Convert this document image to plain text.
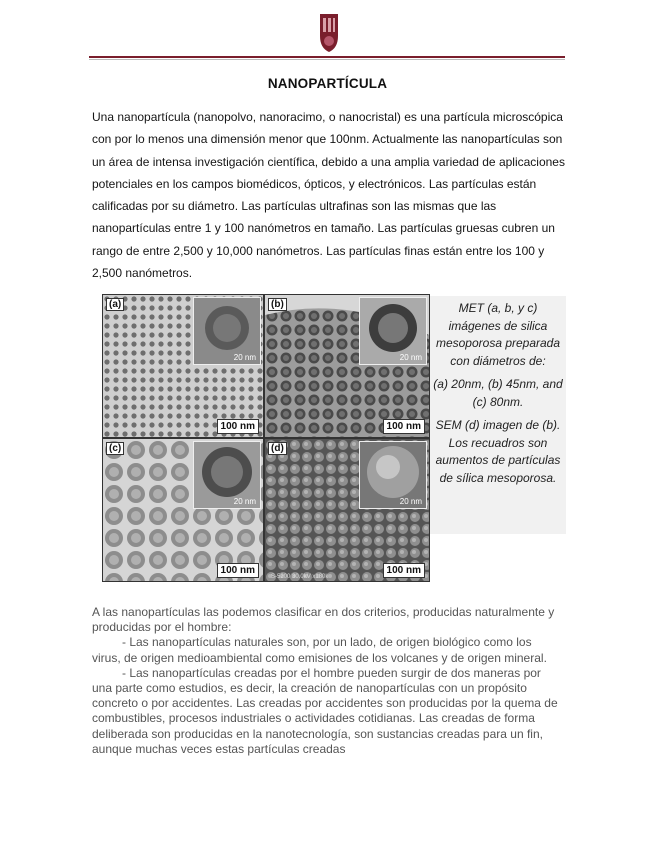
NANOPARTÍCULA
Una nanopartícula (nanopolvo, nanoracimo, o nanocristal) es una partícula microscópica con por lo menos una dimensión menor que 100nm. Actualmente las nanopartículas son un área de intensa investigación científica, debido a una amplia variedad de aplicaciones potenciales en los campos biomédicos, ópticos, y electrónicos. Las partículas están calificadas por su diámetro. Las partículas ultrafinas son las mismas que las nanopartículas entre 1 y 100 nanómetros en tamaño. Las partículas gruesas cubren un rango de entre 2,500 y 10,000 nanómetros. Las partículas finas están entre los 100 y 2,500 nanómetros.
(a)
20 nm
100 nm
(b)
20 nm
100 nm
(c)
20 nm
100 nm
(d)
20 nm
S-5200 30.0kV x180k
100 nm

MET (a, b, y c) imágenes de silica mesoporosa preparada con diámetros de:

(a) 20nm, (b) 45nm, and (c) 80nm.

SEM (d) imagen de (b). Los recuadros son aumentos de partículas de sílica mesoporosa.

A las nanopartículas las podemos clasificar en dos criterios, producidas naturalmente y producidas por el hombre:

- Las nanopartículas naturales son, por un lado, de origen biológico como los virus, de origen medioambiental como emisiones de los volcanes y de origen mineral.

- Las nanopartículas creadas por el hombre pueden surgir de dos maneras por una parte como estudios, es decir, la creación de nanopartículas con un propósito concreto o por accidentes. Las creadas por accidentes son producidas por la quema de combustibles, procesos industriales o actividades cotidianas. Las creadas de forma deliberada son producidas en la nanotecnología, son sustancias creadas para un fin, aunque muchas veces estas partículas creadas
